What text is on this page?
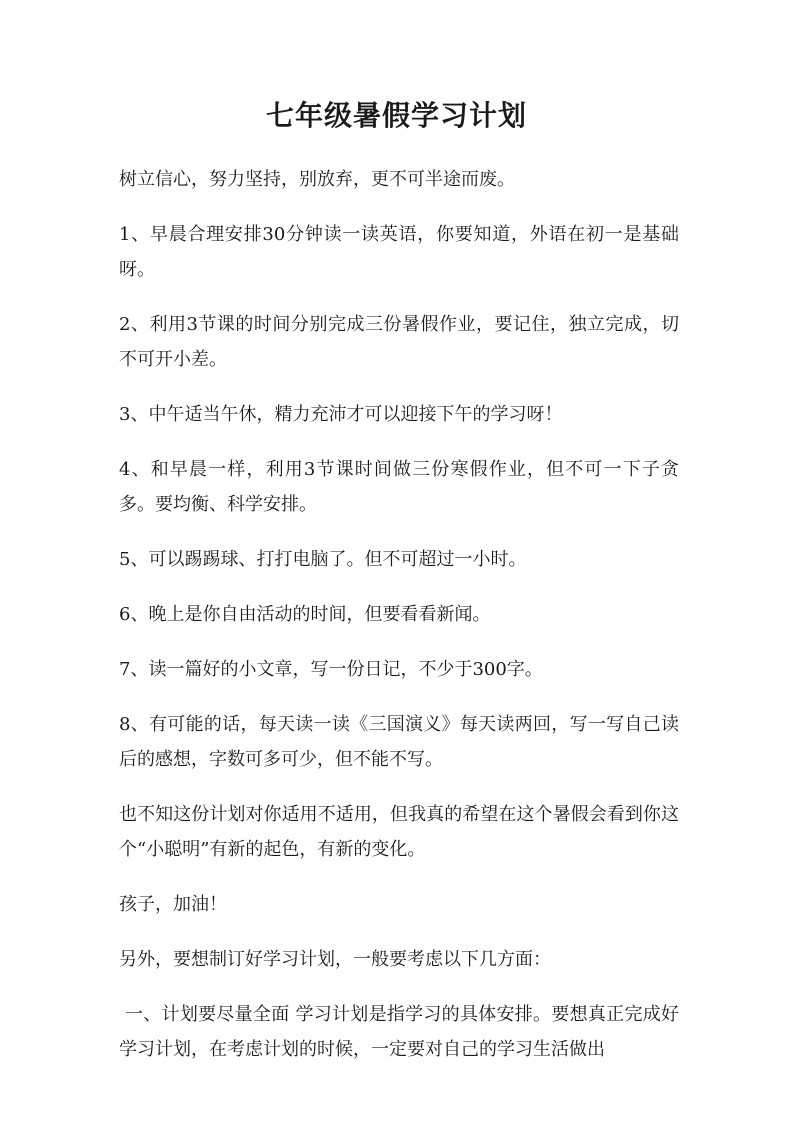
七年级暑假学习计划

树立信心，努力坚持，别放弃，更不可半途而废。

1、早晨合理安排30分钟读一读英语，你要知道，外语在初一是基础呀。

2、利用3节课的时间分别完成三份暑假作业，要记住，独立完成，切不可开小差。

3、中午适当午休，精力充沛才可以迎接下午的学习呀！

4、和早晨一样，利用3节课时间做三份寒假作业，但不可一下子贪多。要均衡、科学安排。

5、可以踢踢球、打打电脑了。但不可超过一小时。

6、晚上是你自由活动的时间，但要看看新闻。

7、读一篇好的小文章，写一份日记，不少于300字。

8、有可能的话，每天读一读《三国演义》每天读两回，写一写自己读后的感想，字数可多可少，但不能不写。

也不知这份计划对你适用不适用，但我真的希望在这个暑假会看到你这个“小聪明”有新的起色，有新的变化。

孩子，加油！

另外，要想制订好学习计划，一般要考虑以下几方面：

一、计划要尽量全面 学习计划是指学习的具体安排。要想真正完成好学习计划，在考虑计划的时候，一定要对自己的学习生活做出
